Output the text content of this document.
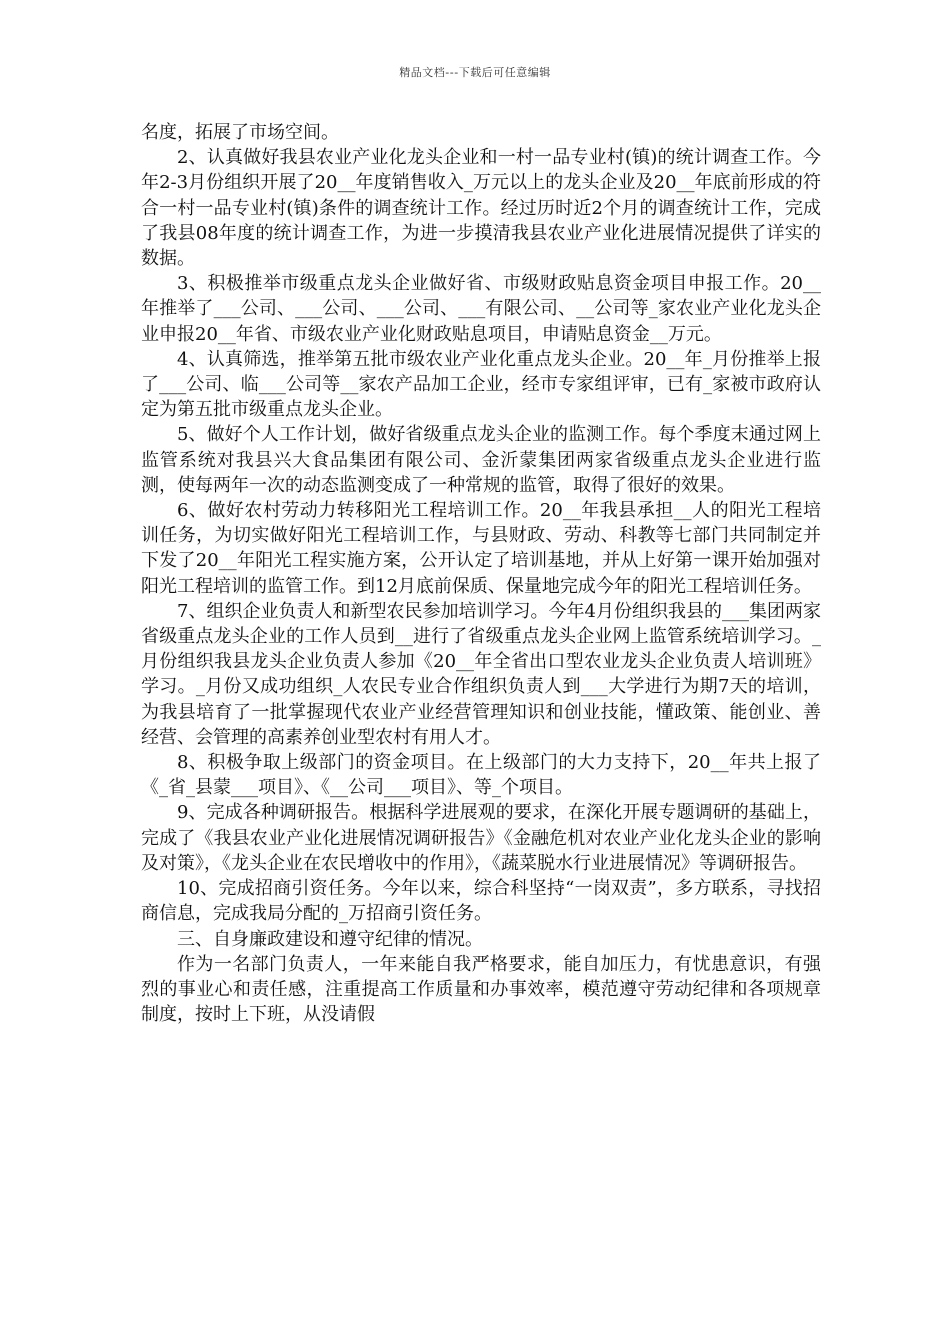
精品文档---下载后可任意编辑

名度，拓展了市场空间。

2、认真做好我县农业产业化龙头企业和一村一品专业村(镇)的统计调查工作。今年2-3月份组织开展了20__年度销售收入_万元以上的龙头企业及20__年底前形成的符合一村一品专业村(镇)条件的调查统计工作。经过历时近2个月的调查统计工作，完成了我县08年度的统计调查工作，为进一步摸清我县农业产业化进展情况提供了详实的数据。

3、积极推举市级重点龙头企业做好省、市级财政贴息资金项目申报工作。20__年推举了___公司、___公司、___公司、___有限公司、__公司等_家农业产业化龙头企业申报20__年省、市级农业产业化财政贴息项目，申请贴息资金__万元。

4、认真筛选，推举第五批市级农业产业化重点龙头企业。20__年_月份推举上报了___公司、临___公司等__家农产品加工企业，经市专家组评审，已有_家被市政府认定为第五批市级重点龙头企业。

5、做好个人工作计划，做好省级重点龙头企业的监测工作。每个季度末通过网上监管系统对我县兴大食品集团有限公司、金沂蒙集团两家省级重点龙头企业进行监测，使每两年一次的动态监测变成了一种常规的监管，取得了很好的效果。

6、做好农村劳动力转移阳光工程培训工作。20__年我县承担__人的阳光工程培训任务，为切实做好阳光工程培训工作，与县财政、劳动、科教等七部门共同制定并下发了20__年阳光工程实施方案，公开认定了培训基地，并从上好第一课开始加强对阳光工程培训的监管工作。到12月底前保质、保量地完成今年的阳光工程培训任务。

7、组织企业负责人和新型农民参加培训学习。今年4月份组织我县的___集团两家省级重点龙头企业的工作人员到__进行了省级重点龙头企业网上监管系统培训学习。_月份组织我县龙头企业负责人参加《20__年全省出口型农业龙头企业负责人培训班》学习。_月份又成功组织_人农民专业合作组织负责人到___大学进行为期7天的培训，为我县培育了一批掌握现代农业产业经营管理知识和创业技能，懂政策、能创业、善经营、会管理的高素养创业型农村有用人才。

8、积极争取上级部门的资金项目。在上级部门的大力支持下，20__年共上报了《_省_县蒙___项目》、《__公司___项目》、等_个项目。

9、完成各种调研报告。根据科学进展观的要求，在深化开展专题调研的基础上，完成了《我县农业产业化进展情况调研报告》《金融危机对农业产业化龙头企业的影响及对策》，《龙头企业在农民增收中的作用》，《蔬菜脱水行业进展情况》等调研报告。

10、完成招商引资任务。今年以来，综合科坚持“一岗双责”，多方联系，寻找招商信息，完成我局分配的_万招商引资任务。

三、自身廉政建设和遵守纪律的情况。

作为一名部门负责人，一年来能自我严格要求，能自加压力，有忧患意识，有强烈的事业心和责任感，注重提高工作质量和办事效率，模范遵守劳动纪律和各项规章制度，按时上下班，从没请假
